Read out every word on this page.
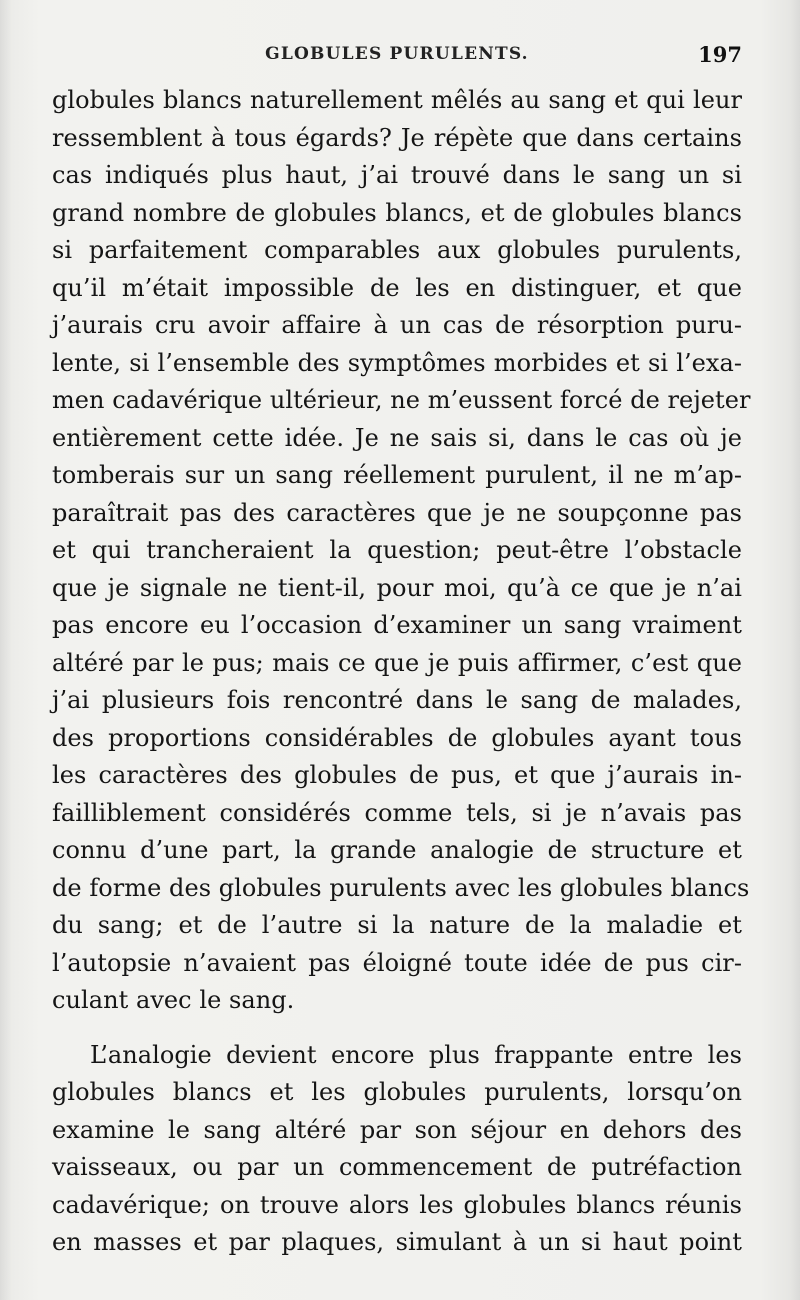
GLOBULES PURULENTS.	197
globules blancs naturellement mêlés au sang et qui leur
ressemblent à tous égards? Je répète que dans certains
cas indiqués plus haut, j’ai trouvé dans le sang un si
grand nombre de globules blancs, et de globules blancs
si parfaitement comparables aux globules purulents,
qu’il m’était impossible de les en distinguer, et que
j’aurais cru avoir affaire à un cas de résorption puru-
lente, si l’ensemble des symptômes morbides et si l’exa-
men cadavérique ultérieur, ne m’eussent forcé de rejeter
entièrement cette idée. Je ne sais si, dans le cas où je
tomberais sur un sang réellement purulent, il ne m’ap-
paraîtrait pas des caractères que je ne soupçonne pas
et qui trancheraient la question; peut-être l’obstacle
que je signale ne tient-il, pour moi, qu’à ce que je n’ai
pas encore eu l’occasion d’examiner un sang vraiment
altéré par le pus; mais ce que je puis affirmer, c’est que
j’ai plusieurs fois rencontré dans le sang de malades,
des proportions considérables de globules ayant tous
les caractères des globules de pus, et que j’aurais in-
failliblement considérés comme tels, si je n’avais pas
connu d’une part, la grande analogie de structure et
de forme des globules purulents avec les globules blancs
du sang; et de l’autre si la nature de la maladie et
l’autopsie n’avaient pas éloigné toute idée de pus cir-
culant avec le sang.
L’analogie devient encore plus frappante entre les
globules blancs et les globules purulents, lorsqu’on
examine le sang altéré par son séjour en dehors des
vaisseaux, ou par un commencement de putréfaction
cadavérique; on trouve alors les globules blancs réunis
en masses et par plaques, simulant à un si haut point
